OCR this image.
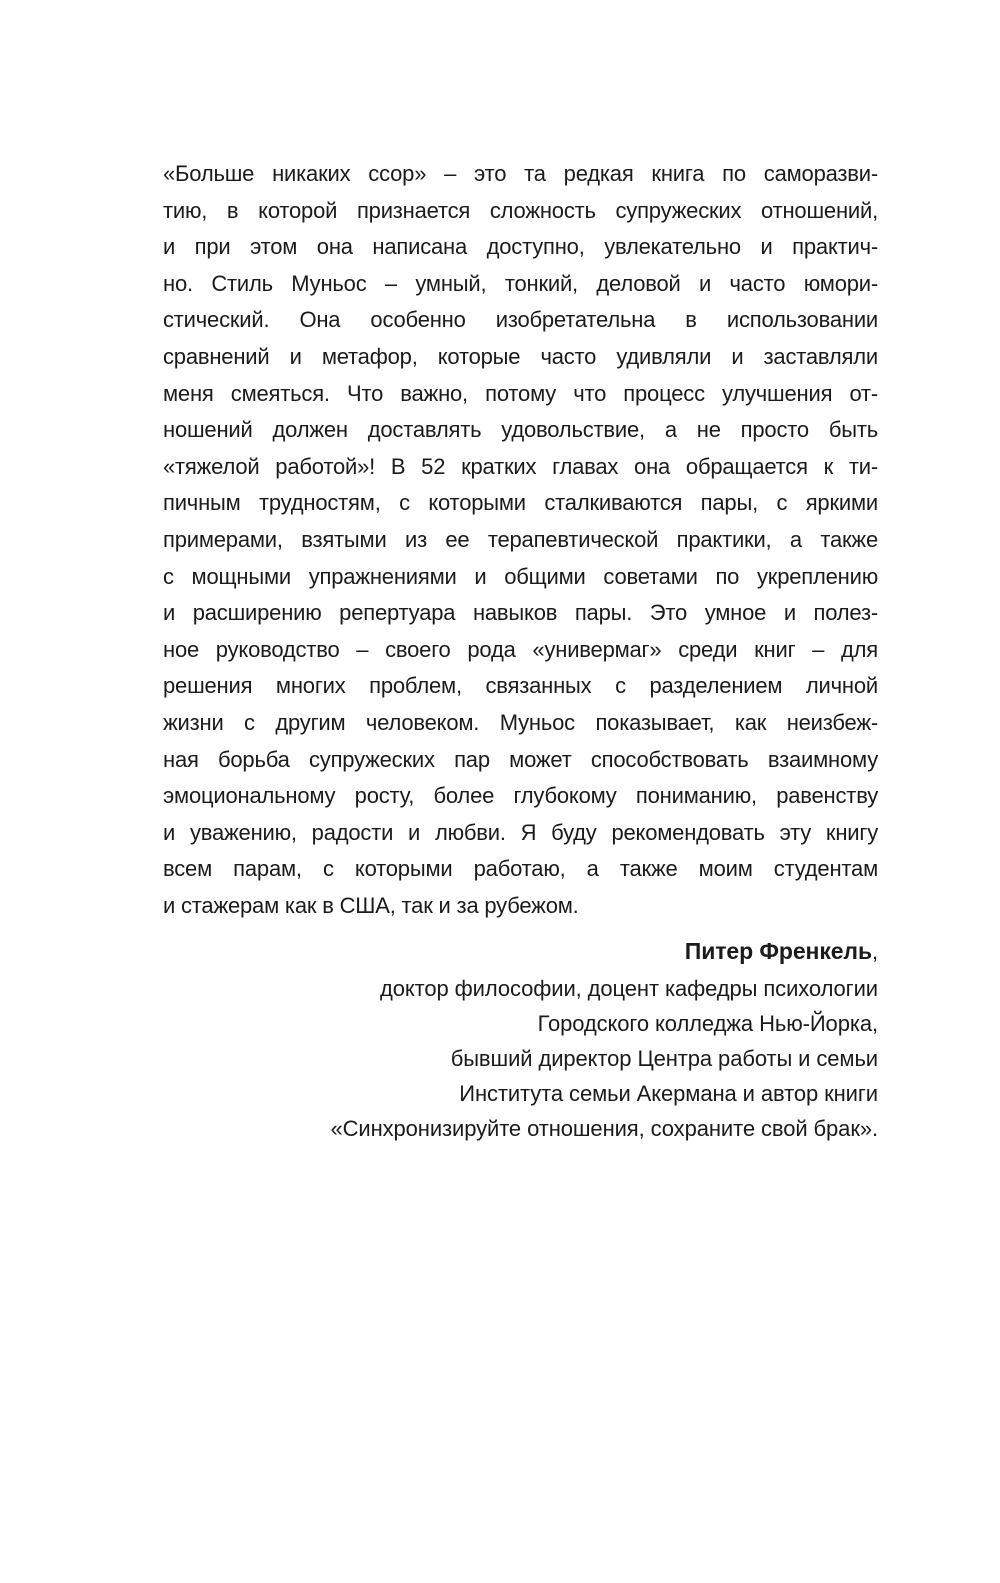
«Больше никаких ссор» – это та редкая книга по саморазви-
тию, в которой признается сложность супружеских отношений,
и при этом она написана доступно, увлекательно и практич-
но. Стиль Муньос – умный, тонкий, деловой и часто юмори-
стический. Она особенно изобретательна в использовании
сравнений и метафор, которые часто удивляли и заставляли
меня смеяться. Что важно, потому что процесс улучшения от-
ношений должен доставлять удовольствие, а не просто быть
«тяжелой работой»! В 52 кратких главах она обращается к ти-
пичным трудностям, с которыми сталкиваются пары, с яркими
примерами, взятыми из ее терапевтической практики, а также
с мощными упражнениями и общими советами по укреплению
и расширению репертуара навыков пары. Это умное и полез-
ное руководство – своего рода «универмаг» среди книг – для
решения многих проблем, связанных с разделением личной
жизни с другим человеком. Муньос показывает, как неизбеж-
ная борьба супружеских пар может способствовать взаимному
эмоциональному росту, более глубокому пониманию, равенству
и уважению, радости и любви. Я буду рекомендовать эту книгу
всем парам, с которыми работаю, а также моим студентам
и стажерам как в США, так и за рубежом.
Питер Френкель,
доктор философии, доцент кафедры психологии
Городского колледжа Нью-Йорка,
бывший директор Центра работы и семьи
Института семьи Акермана и автор книги
«Синхронизируйте отношения, сохраните свой брак».
